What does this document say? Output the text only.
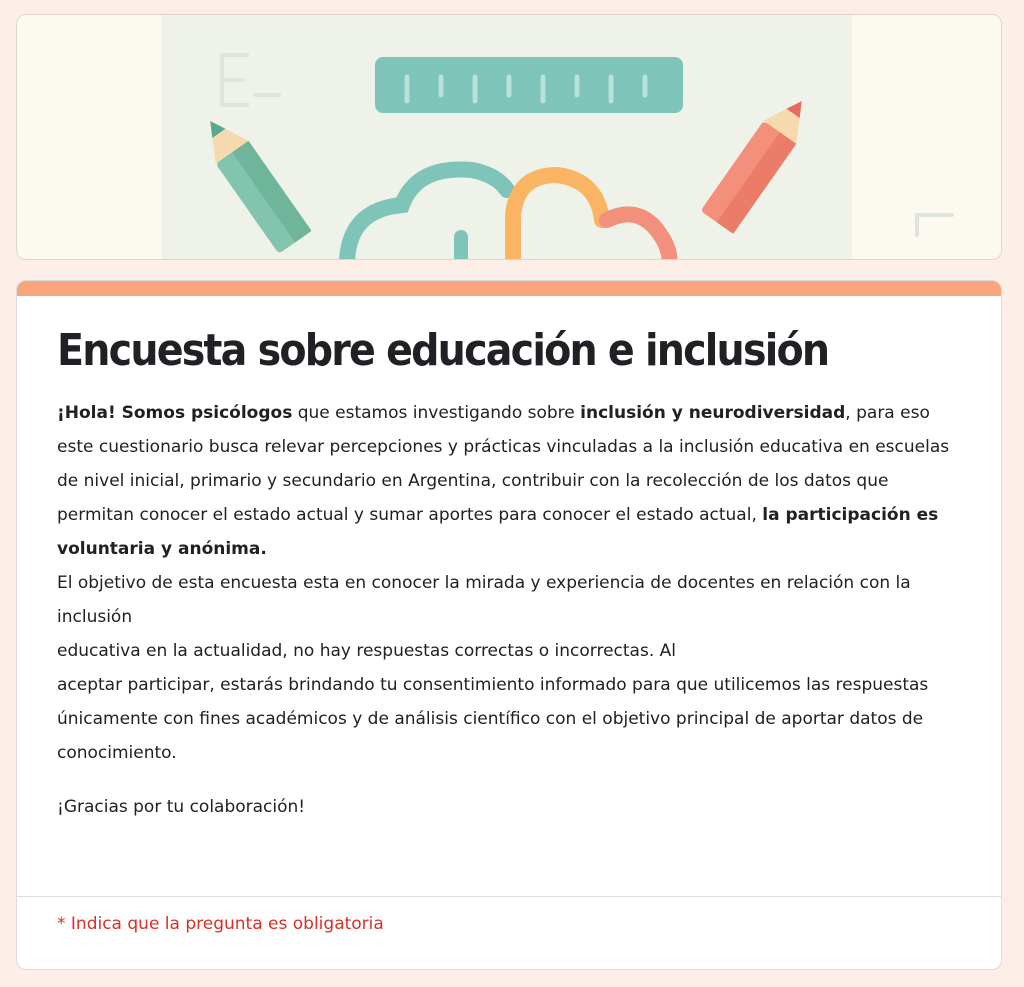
Encuesta sobre educación e inclusión

¡Hola! Somos psicólogos que estamos investigando sobre inclusión y neurodiversidad, para eso este cuestionario busca relevar percepciones y prácticas vinculadas a la inclusión educativa en escuelas de nivel inicial, primario y secundario en Argentina, contribuir con la recolección de los datos que permitan conocer el estado actual y sumar aportes para conocer el estado actual, la participación es voluntaria y anónima.

El objetivo de esta encuesta esta en conocer la mirada y experiencia de docentes en relación con la inclusión

educativa en la actualidad, no hay respuestas correctas o incorrectas. Al

aceptar participar, estarás brindando tu consentimiento informado para que utilicemos las respuestas

únicamente con fines académicos y de análisis científico con el objetivo principal de aportar datos de conocimiento.

¡Gracias por tu colaboración!

* Indica que la pregunta es obligatoria
